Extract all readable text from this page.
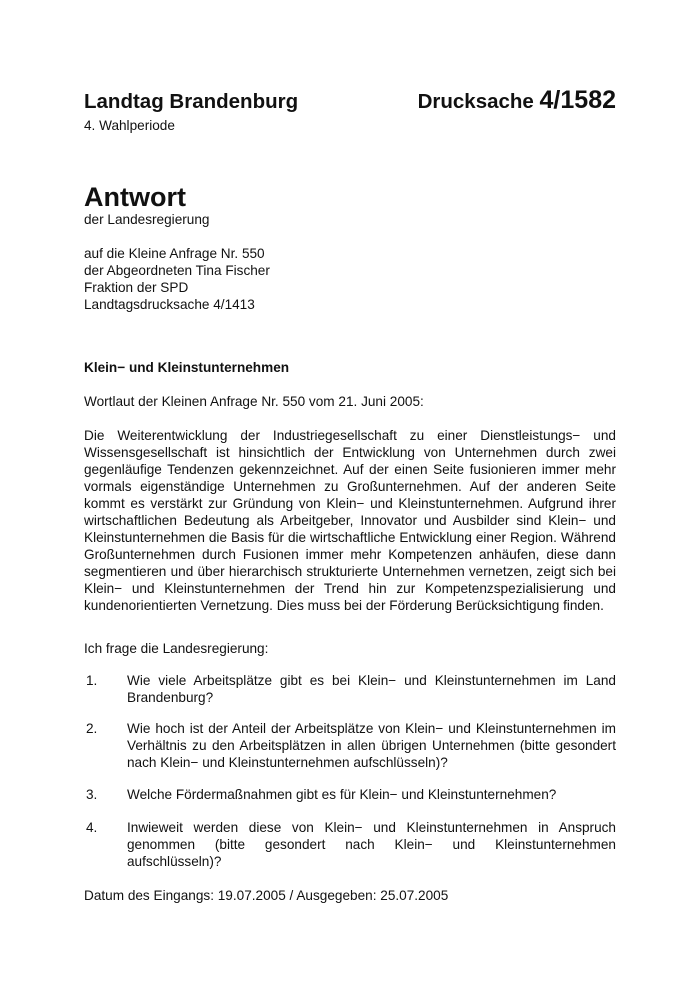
Landtag Brandenburg	Drucksache 4/1582
4. Wahlperiode
Antwort
der Landesregierung
auf die Kleine Anfrage Nr. 550
der Abgeordneten Tina Fischer
Fraktion der SPD
Landtagsdrucksache 4/1413
Klein− und Kleinstunternehmen
Wortlaut der Kleinen Anfrage Nr. 550 vom 21. Juni 2005:
Die Weiterentwicklung der Industriegesellschaft zu einer Dienstleistungs− und Wissensgesellschaft ist hinsichtlich der Entwicklung von Unternehmen durch zwei gegenläufige Tendenzen gekennzeichnet. Auf der einen Seite fusionieren immer mehr vormals eigenständige Unternehmen zu Großunternehmen. Auf der anderen Seite kommt es verstärkt zur Gründung von Klein− und Kleinstunternehmen. Aufgrund ihrer wirtschaftlichen Bedeutung als Arbeitgeber, Innovator und Ausbilder sind Klein− und Kleinstunternehmen die Basis für die wirtschaftliche Entwicklung einer Region. Während Großunternehmen durch Fusionen immer mehr Kompetenzen anhäufen, diese dann segmentieren und über hierarchisch strukturierte Unternehmen vernetzen, zeigt sich bei Klein− und Kleinstunternehmen der Trend hin zur Kompetenzspezialisierung und kundenorientierten Vernetzung. Dies muss bei der Förderung Berücksichtigung finden.
Ich frage die Landesregierung:
1.	Wie viele Arbeitsplätze gibt es bei Klein− und Kleinstunternehmen im Land Brandenburg?
2.	Wie hoch ist der Anteil der Arbeitsplätze von Klein− und Kleinstunternehmen im Verhältnis zu den Arbeitsplätzen in allen übrigen Unternehmen (bitte gesondert nach Klein− und Kleinstunternehmen aufschlüsseln)?
3.	Welche Fördermaßnahmen gibt es für Klein− und Kleinstunternehmen?
4.	Inwieweit werden diese von Klein− und Kleinstunternehmen in Anspruch genommen (bitte gesondert nach Klein− und Kleinstunternehmen aufschlüsseln)?
Datum des Eingangs: 19.07.2005 / Ausgegeben: 25.07.2005
